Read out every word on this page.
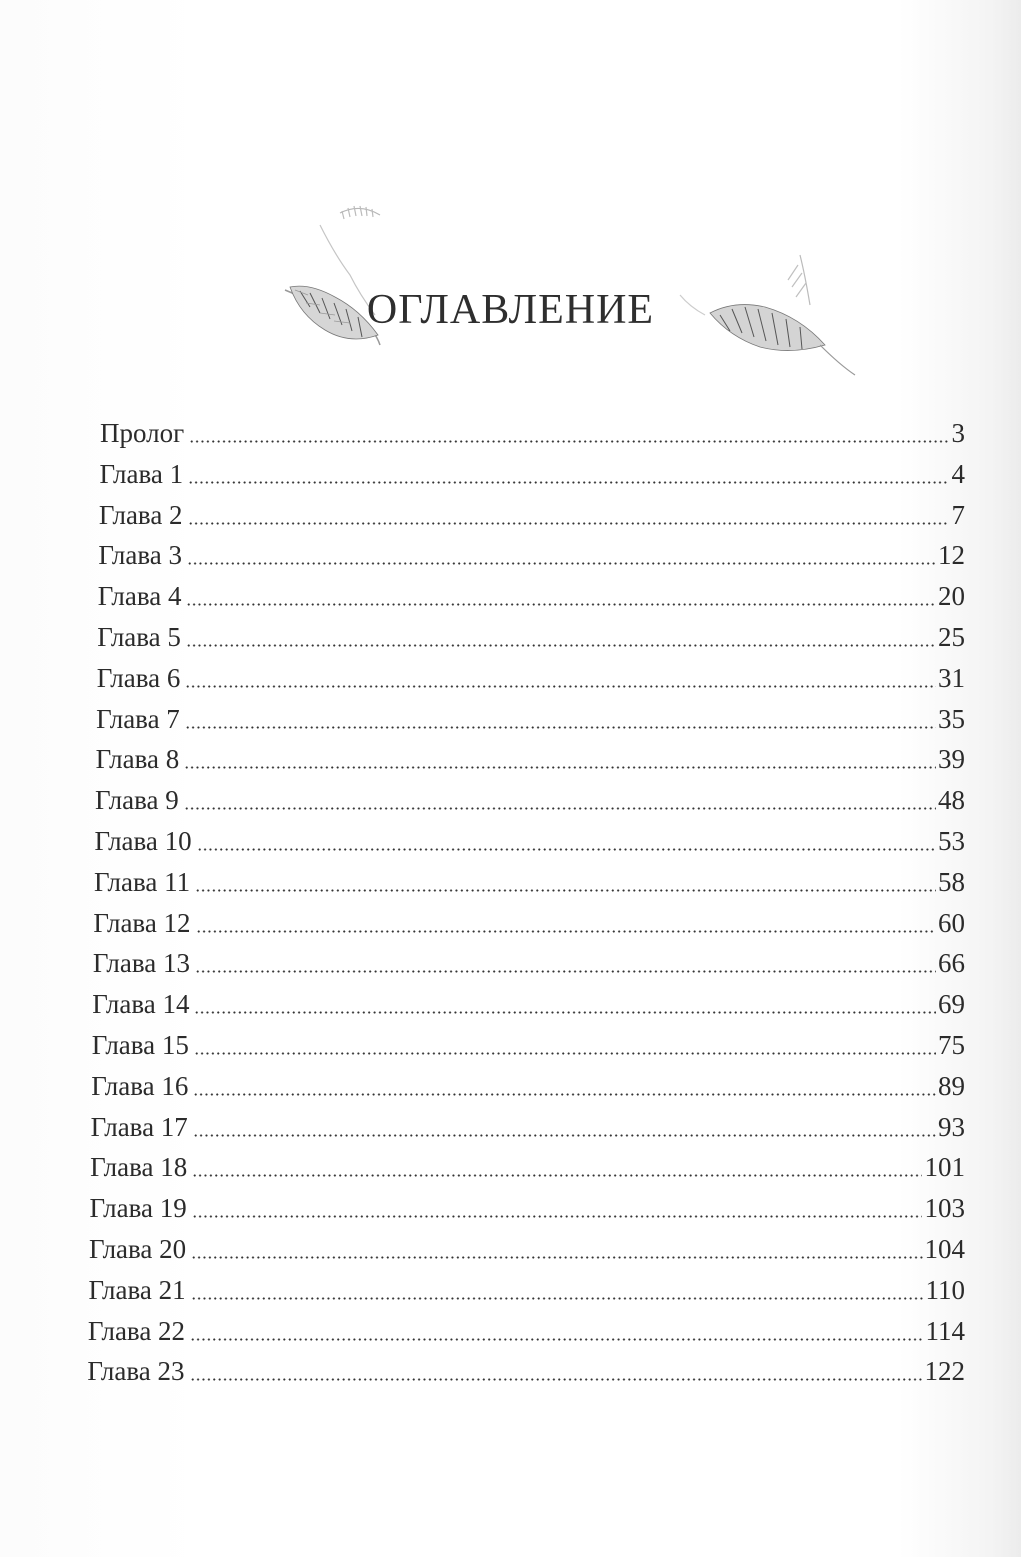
ОГЛАВЛЕНИЕ
Пролог	3
Глава 1	4
Глава 2	7
Глава 3	12
Глава 4	20
Глава 5	25
Глава 6	31
Глава 7	35
Глава 8	39
Глава 9	48
Глава 10	53
Глава 11	58
Глава 12	60
Глава 13	66
Глава 14	69
Глава 15	75
Глава 16	89
Глава 17	93
Глава 18	101
Глава 19	103
Глава 20	104
Глава 21	110
Глава 22	114
Глава 23	122
